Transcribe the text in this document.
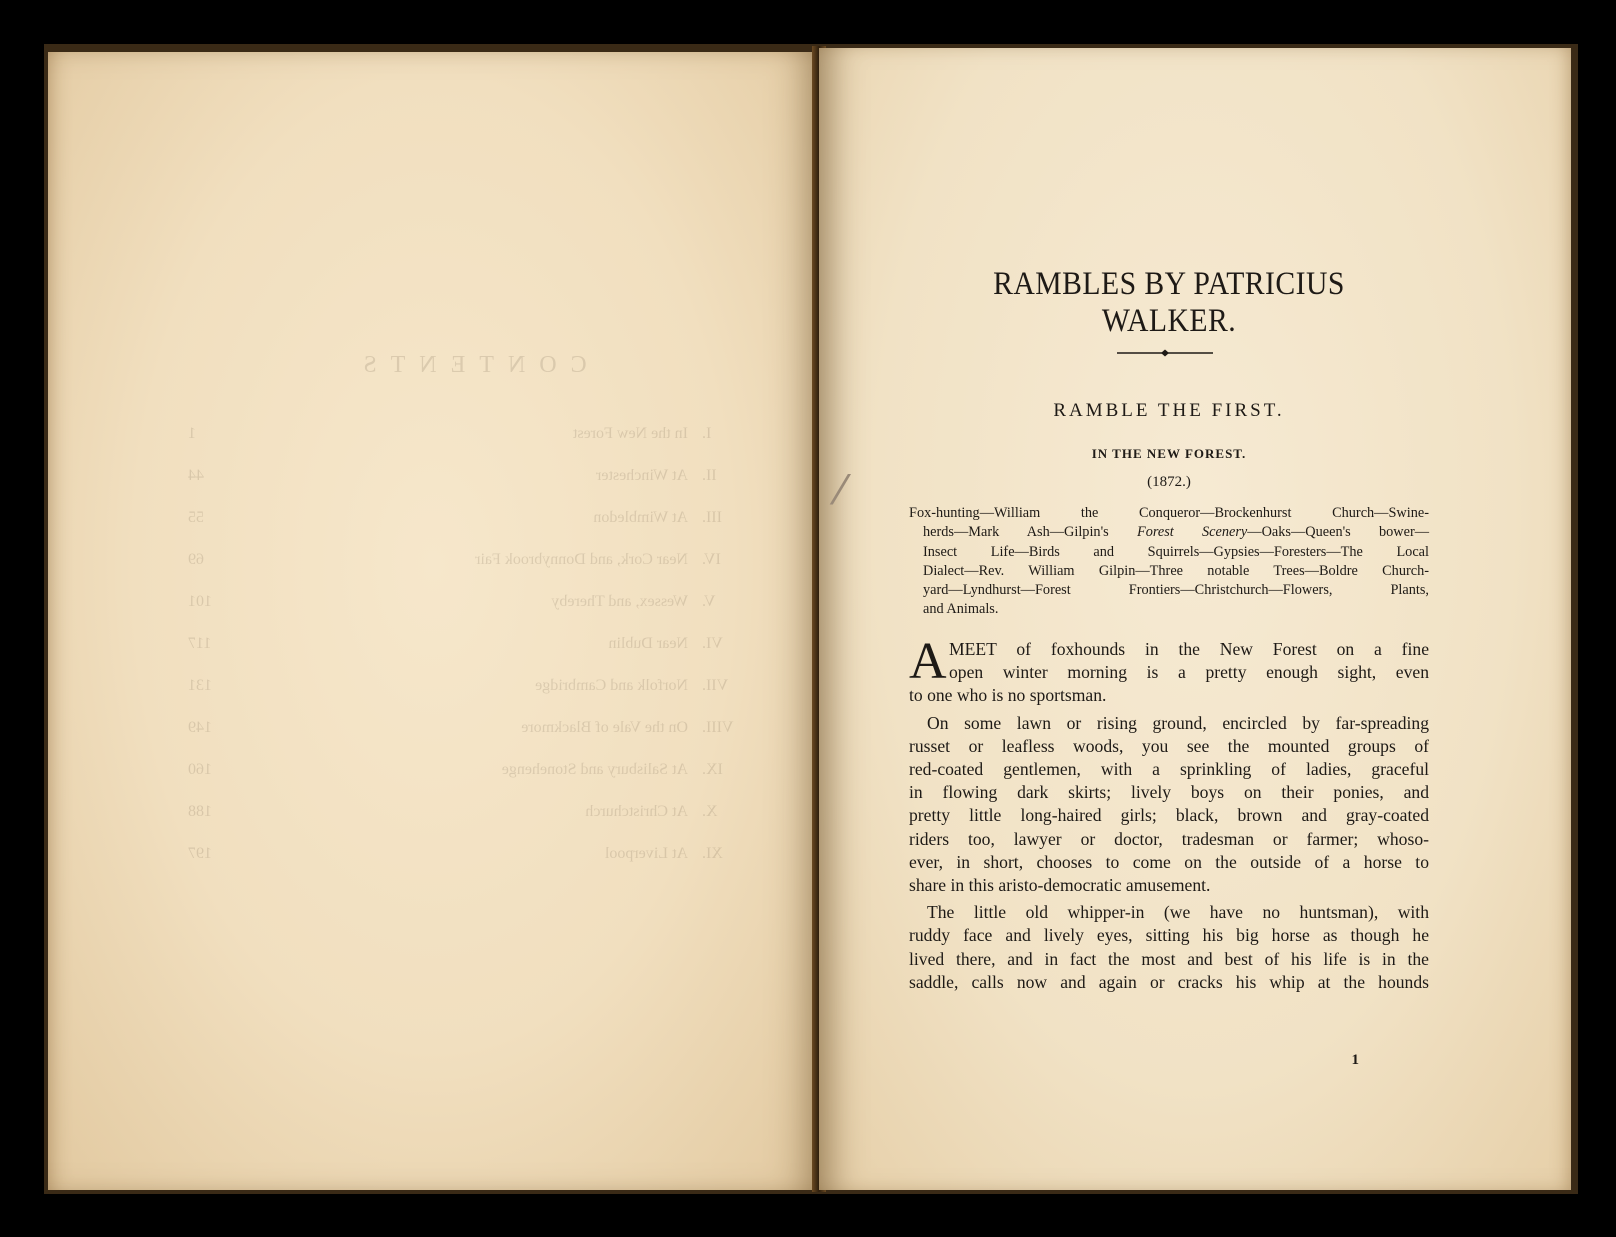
CONTENTS
I.
In the New Forest
1
II.
At Winchester
44
III.
At Wimbledon
55
IV.
Near Cork, and Donnybrook Fair
69
V.
Wessex, and Thereby
101
VI.
Near Dublin
117
VII.
Norfolk and Cambridge
131
VIII.
On the Vale of Blackmore
149
IX.
At Salisbury and Stonehenge
160
X.
At Christchurch
188
XI.
At Liverpool
197
⁄
RAMBLES BY PATRICIUS WALKER.
RAMBLE THE FIRST.
IN THE NEW FOREST.
(1872.)

Fox-hunting—William the Conqueror—Brockenhurst Church—Swine-
herds—Mark Ash—Gilpin's Forest Scenery—Oaks—Queen's bower—
Insect Life—Birds and Squirrels—Gypsies—Foresters—The Local
Dialect—Rev. William Gilpin—Three notable Trees—Boldre Church-
yard—Lyndhurst—Forest Frontiers—Christchurch—Flowers, Plants,
and Animals.

A MEET of foxhounds in the New Forest on a fine
open winter morning is a pretty enough sight, even
to one who is no sportsman.
On some lawn or rising ground, encircled by far-spreading
russet or leafless woods, you see the mounted groups of
red-coated gentlemen, with a sprinkling of ladies, graceful
in flowing dark skirts; lively boys on their ponies, and
pretty little long-haired girls; black, brown and gray-coated
riders too, lawyer or doctor, tradesman or farmer; whoso-
ever, in short, chooses to come on the outside of a horse to
share in this aristo-democratic amusement.
The little old whipper-in (we have no huntsman), with
ruddy face and lively eyes, sitting his big horse as though he
lived there, and in fact the most and best of his life is in the
saddle, calls now and again or cracks his whip at the hounds
1
